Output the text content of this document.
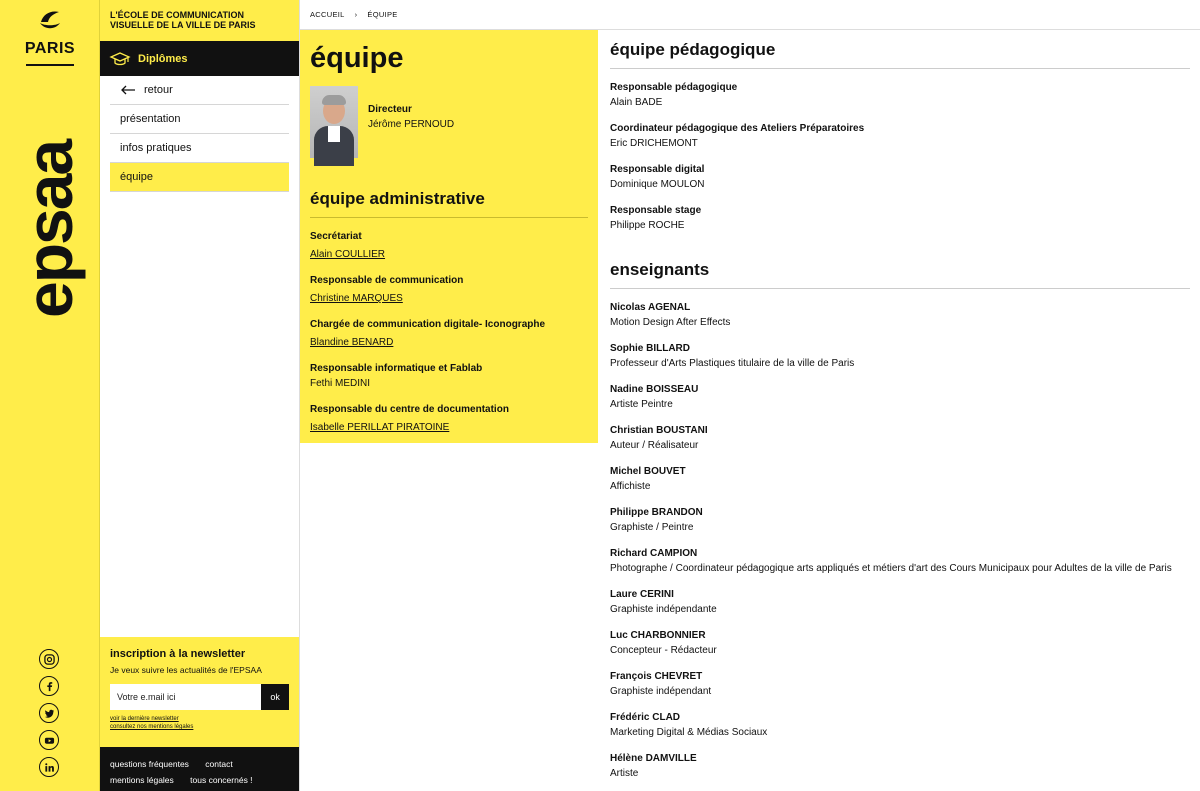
PARIS
epsaa
L'ÉCOLE DE COMMUNICATION
VISUELLE DE LA VILLE DE PARIS
Diplômes
retour
présentation
infos pratiques
équipe
inscription à la newsletter
Je veux suivre les actualités de l'EPSAA
Votre e.mail ici
ok
voir la dernière newsletter
consultez nos mentions légales
questions fréquentes contact
mentions légales tous concernés !
ACCUEIL › ÉQUIPE
équipe
Directeur
Jérôme PERNOUD
équipe administrative
Secrétariat
Alain COULLIER
Responsable de communication
Christine MARQUES
Chargée de communication digitale- Iconographe
Blandine BENARD
Responsable informatique et Fablab
Fethi MEDINI
Responsable du centre de documentation
Isabelle PERILLAT PIRATOINE
équipe pédagogique
Responsable pédagogique
Alain BADE
Coordinateur pédagogique des Ateliers Préparatoires
Eric DRICHEMONT
Responsable digital
Dominique MOULON
Responsable stage
Philippe ROCHE
enseignants
Nicolas AGENAL
Motion Design After Effects
Sophie BILLARD
Professeur d'Arts Plastiques titulaire de la ville de Paris
Nadine BOISSEAU
Artiste Peintre
Christian BOUSTANI
Auteur / Réalisateur
Michel BOUVET
Affichiste
Philippe BRANDON
Graphiste / Peintre
Richard CAMPION
Photographe / Coordinateur pédagogique arts appliqués et métiers d'art des Cours Municipaux pour Adultes de la ville de Paris
Laure CERINI
Graphiste indépendante
Luc CHARBONNIER
Concepteur - Rédacteur
François CHEVRET
Graphiste indépendant
Frédéric CLAD
Marketing Digital & Médias Sociaux
Hélène DAMVILLE
Artiste
